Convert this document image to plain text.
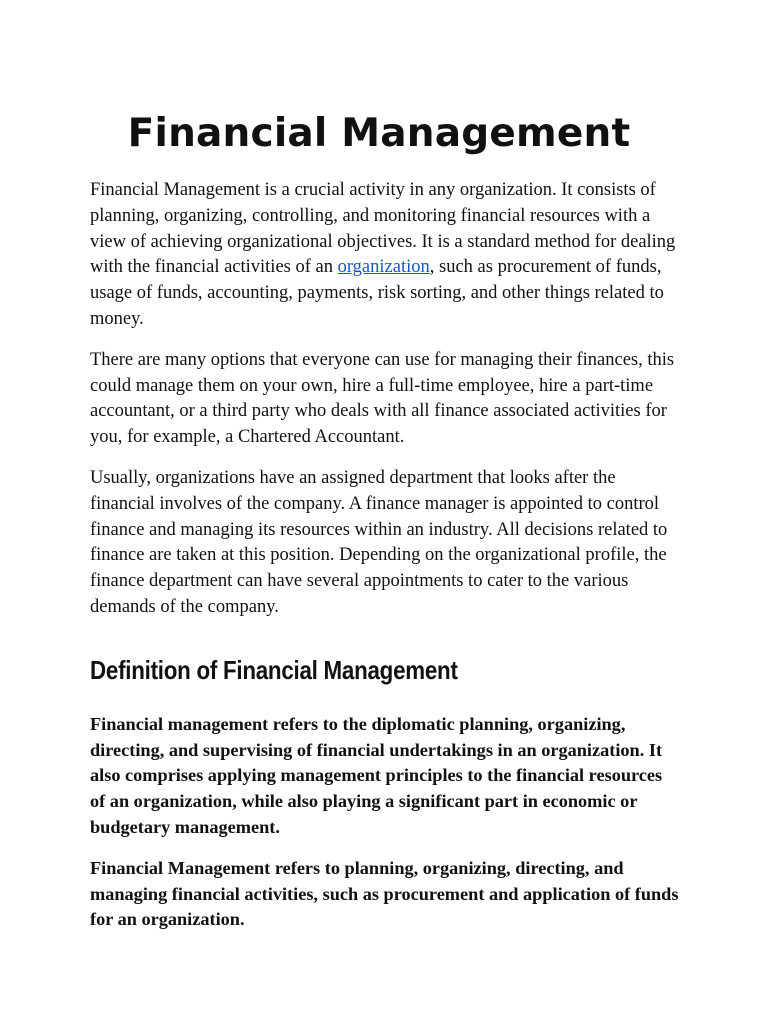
Financial Management

Financial Management is a crucial activity in any organization. It consists of planning, organizing, controlling, and monitoring financial resources with a view of achieving organizational objectives. It is a standard method for dealing with the financial activities of an organization, such as procurement of funds, usage of funds, accounting, payments, risk sorting, and other things related to money.

There are many options that everyone can use for managing their finances, this could manage them on your own, hire a full-time employee, hire a part-time accountant, or a third party who deals with all finance associated activities for you, for example, a Chartered Accountant.

Usually, organizations have an assigned department that looks after the financial involves of the company. A finance manager is appointed to control finance and managing its resources within an industry. All decisions related to finance are taken at this position. Depending on the organizational profile, the finance department can have several appointments to cater to the various demands of the company.

Definition of Financial Management

Financial management refers to the diplomatic planning, organizing, directing, and supervising of financial undertakings in an organization. It also comprises applying management principles to the financial resources of an organization, while also playing a significant part in economic or budgetary management.

Financial Management refers to planning, organizing, directing, and managing financial activities, such as procurement and application of funds for an organization.
